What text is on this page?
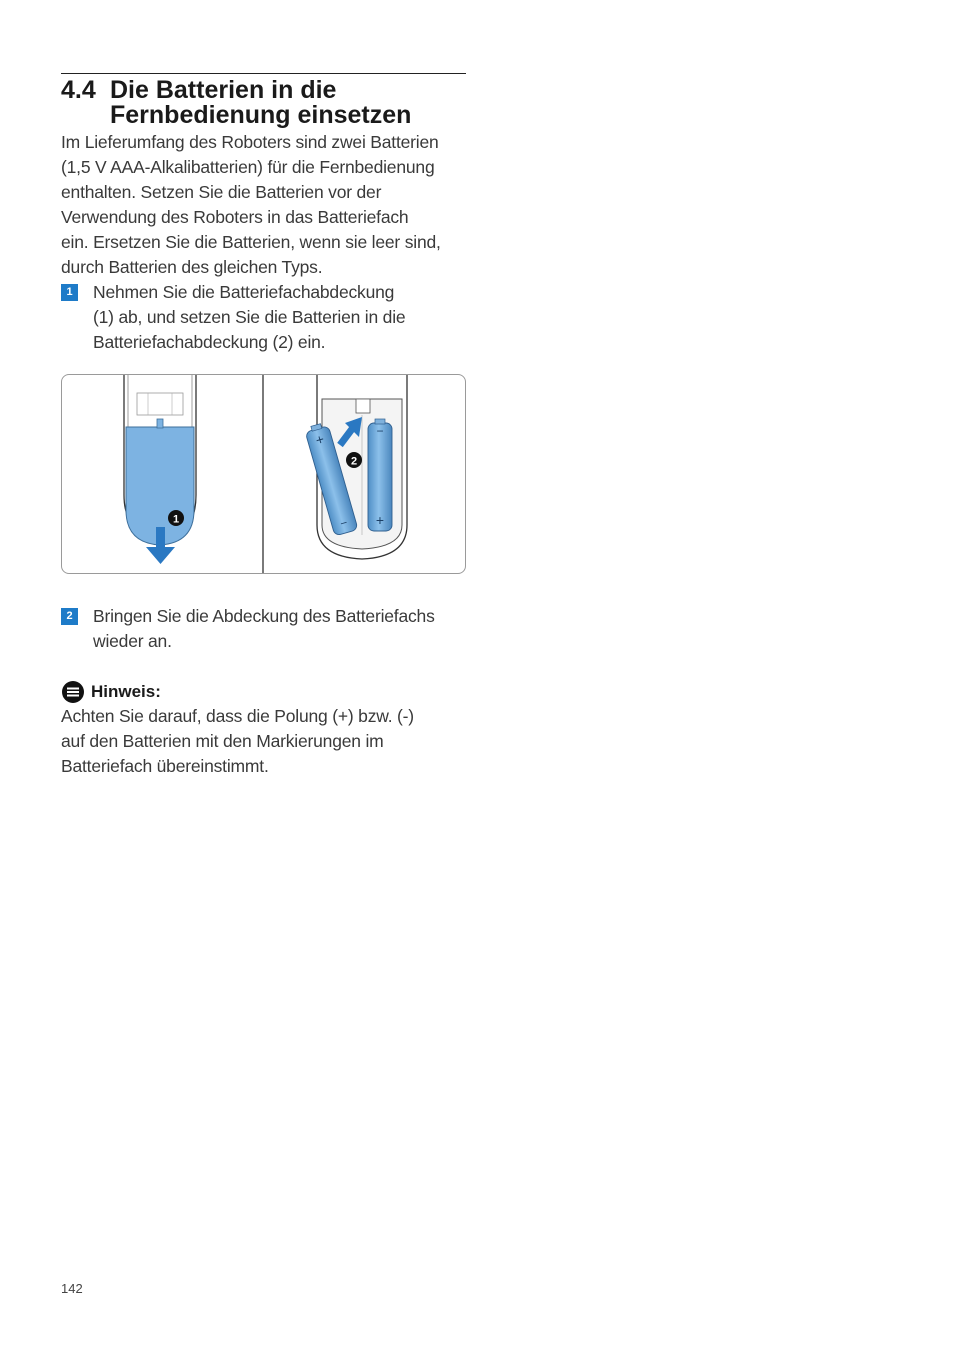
4.4 Die Batterien in die
Fernbedienung einsetzen
Im Lieferumfang des Roboters sind zwei Batterien
(1,5 V AAA-Alkalibatterien) für die Fernbedienung
enthalten. Setzen Sie die Batterien vor der
Verwendung des Roboters in das Batteriefach
ein. Ersetzen Sie die Batterien, wenn sie leer sind,
durch Batterien des gleichen Typs.
1	Nehmen Sie die Batteriefachabdeckung
(1) ab, und setzen Sie die Batterien in die
Batteriefachabdeckung (2) ein.
1
−
+
+
−
2
2	Bringen Sie die Abdeckung des Batteriefachs
wieder an.
Hinweis:
Achten Sie darauf, dass die Polung (+) bzw. (-)
auf den Batterien mit den Markierungen im
Batteriefach übereinstimmt.
142
